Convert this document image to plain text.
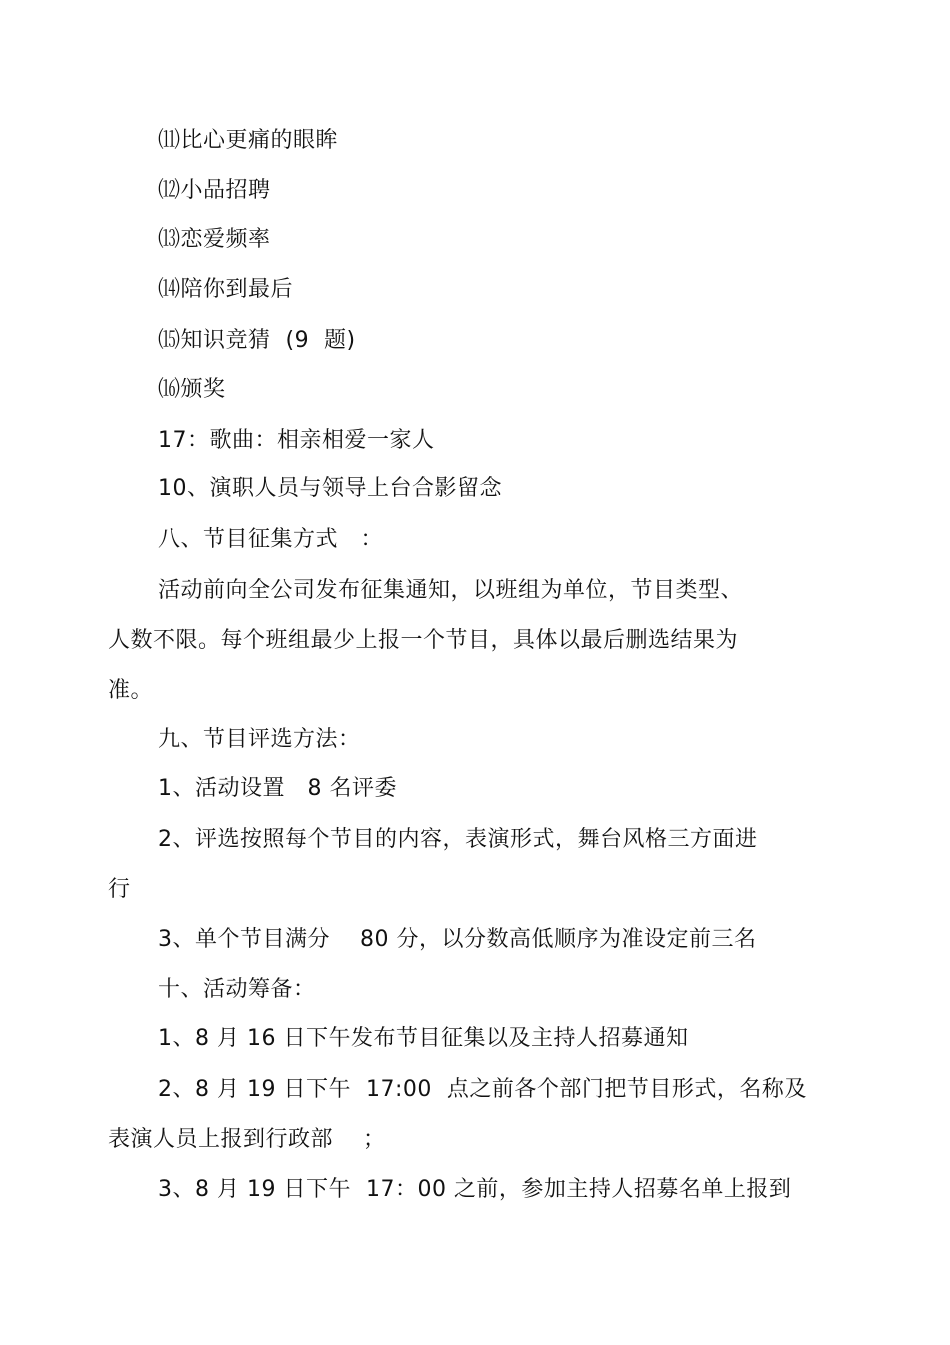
⑾比心更痛的眼眸
⑿小品招聘
⒀恋爱频率
⒁陪你到最后
⒂知识竞猜  (9  题)
⒃颁奖
17：歌曲：相亲相爱一家人
10、演职人员与领导上台合影留念
八、节目征集方式   ：
活动前向全公司发布征集通知，以班组为单位，节目类型、
人数不限。每个班组最少上报一个节目，具体以最后删选结果为
准。
九、节目评选方法：
1、活动设置   8 名评委
2、评选按照每个节目的内容，表演形式，舞台风格三方面进
行
3、单个节目满分    80 分，以分数高低顺序为准设定前三名
十、活动筹备：
1、8 月 16 日下午发布节目征集以及主持人招募通知
2、8 月 19 日下午  17:00  点之前各个部门把节目形式，名称及
表演人员上报到行政部    ；
3、8 月 19 日下午  17：00 之前，参加主持人招募名单上报到
